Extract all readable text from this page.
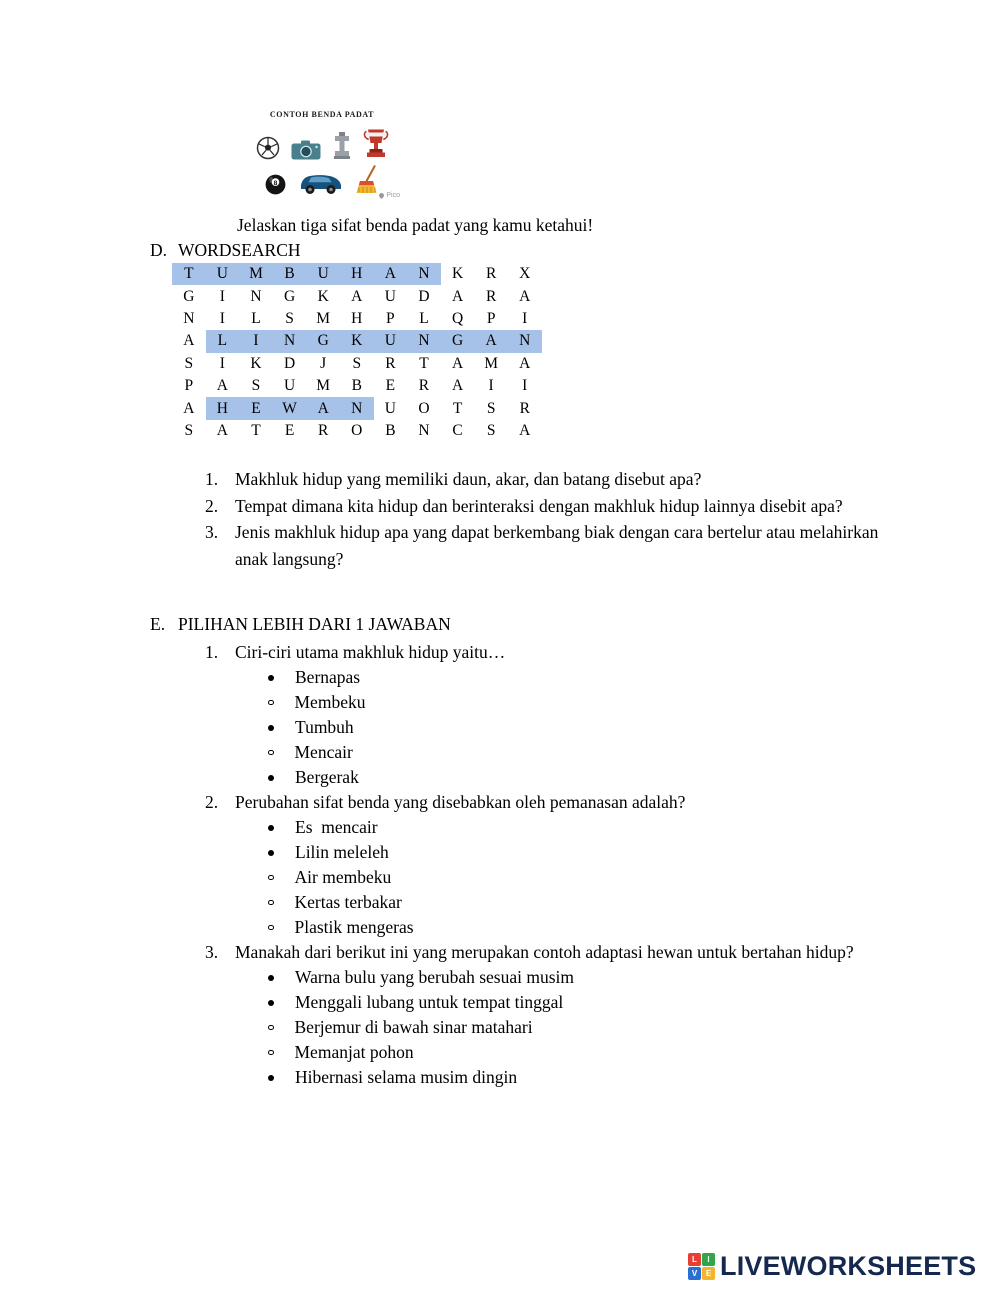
CONTOH BENDA PADAT
8
Pico
Jelaskan tiga sifat benda padat yang kamu ketahui!
D. WORDSEARCH
T	U	M	B	U	H	A	N	K	R	X
G	I	N	G	K	A	U	D	A	R	A
N	I	L	S	M	H	P	L	Q	P	I
A	L	I	N	G	K	U	N	G	A	N
S	I	K	D	J	S	R	T	A	M	A
P	A	S	U	M	B	E	R	A	I	I
A	H	E	W	A	N	U	O	T	S	R
S	A	T	E	R	O	B	N	C	S	A
1. Makhluk hidup yang memiliki daun, akar, dan batang disebut apa?
2. Tempat dimana kita hidup dan berinteraksi dengan makhluk hidup lainnya disebit apa?
3. Jenis makhluk hidup apa yang dapat berkembang biak dengan cara bertelur atau melahirkan anak langsung?
E. PILIHAN LEBIH DARI 1 JAWABAN
1. Ciri-ciri utama makhluk hidup yaitu…
Bernapas
Membeku
Tumbuh
Mencair
Bergerak
2. Perubahan sifat benda yang disebabkan oleh pemanasan adalah?
Es  mencair
Lilin meleleh
Air membeku
Kertas terbakar
Plastik mengeras
3. Manakah dari berikut ini yang merupakan contoh adaptasi hewan untuk bertahan hidup?
Warna bulu yang berubah sesuai musim
Menggali lubang untuk tempat tinggal
Berjemur di bawah sinar matahari
Memanjat pohon
Hibernasi selama musim dingin
L	I
V	E LIVEWORKSHEETS
